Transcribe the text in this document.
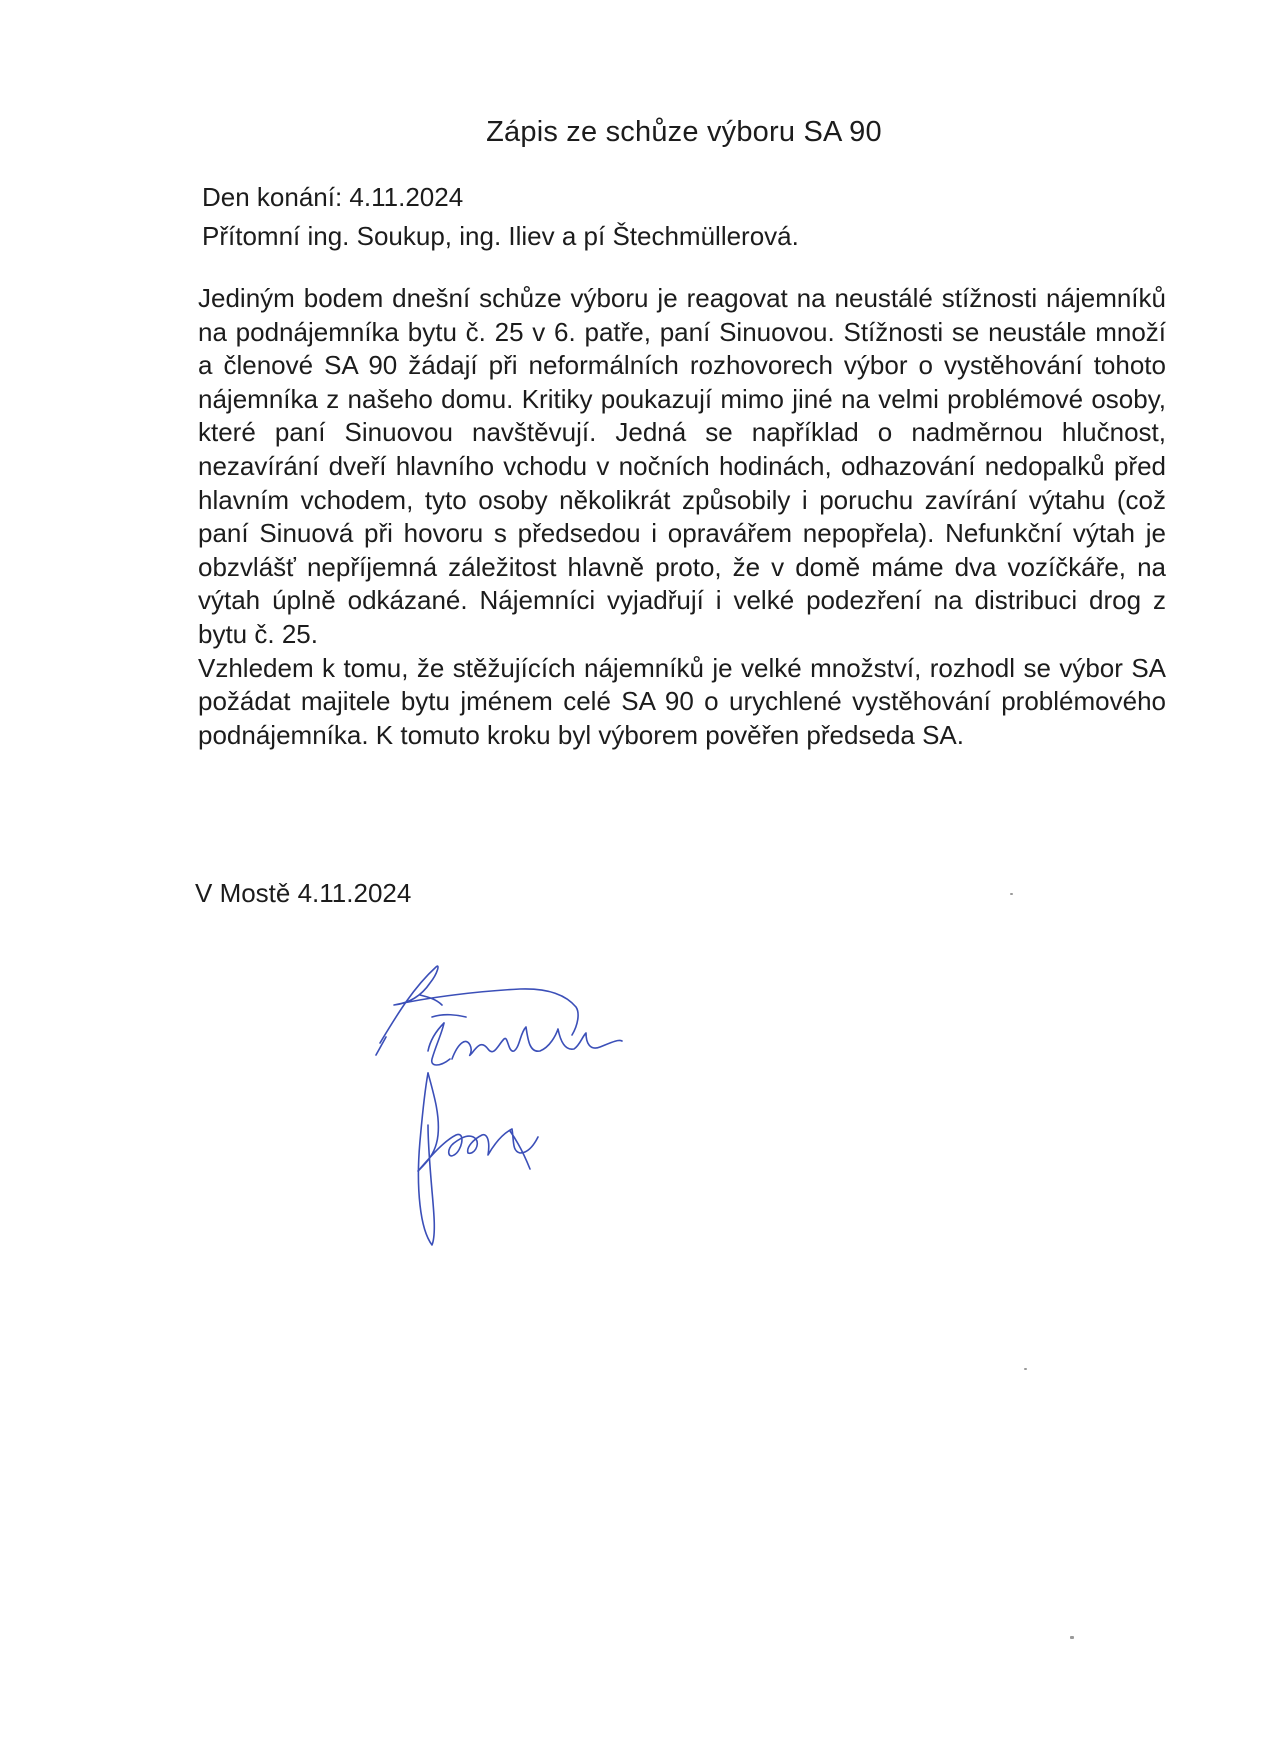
Zápis ze schůze výboru SA 90
Den konání: 4.11.2024
Přítomní ing. Soukup, ing. Iliev a pí Štechmüllerová.

Jediným bodem dnešní schůze výboru je reagovat na neustálé stížnosti nájemníků na podnájemníka bytu č. 25 v 6. patře, paní Sinuovou. Stížnosti se neustále množí a členové SA 90 žádají při neformálních rozhovorech výbor o vystěhování tohoto nájemníka z našeho domu. Kritiky poukazují mimo jiné na velmi problémové osoby, které paní Sinuovou navštěvují. Jedná se například o nadměrnou hlučnost, nezavírání dveří hlavního vchodu v nočních hodinách, odhazování nedopalků před hlavním vchodem, tyto osoby několikrát způsobily i poruchu zavírání výtahu (což paní Sinuová při hovoru s předsedou i opravářem nepopřela). Nefunkční výtah je obzvlášť nepříjemná záležitost hlavně proto, že v domě máme dva vozíčkáře, na výtah úplně odkázané. Nájemníci vyjadřují i velké podezření na distribuci drog z bytu č. 25.

Vzhledem k tomu, že stěžujících nájemníků je velké množství, rozhodl se výbor SA požádat majitele bytu jménem celé SA 90 o urychlené vystěhování problémového podnájemníka. K tomuto kroku byl výborem pověřen předseda SA.

V Mostě 4.11.2024
